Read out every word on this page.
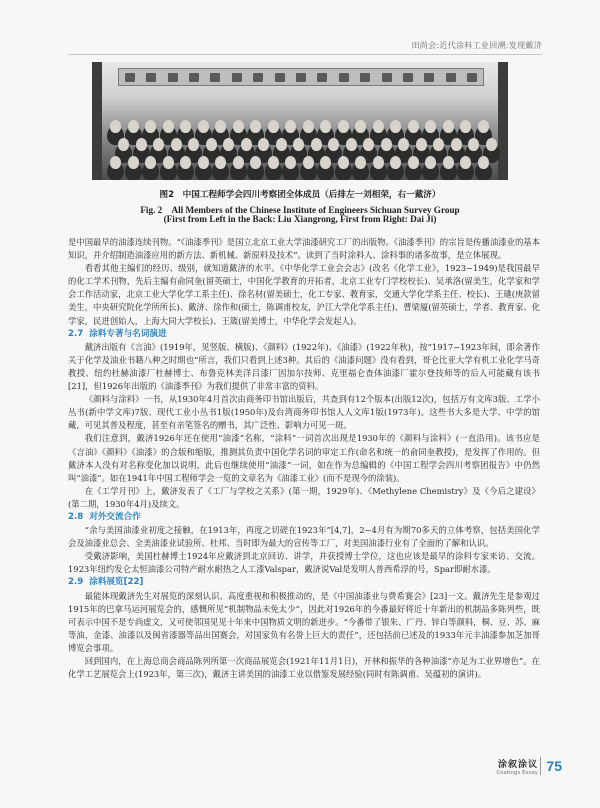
田尚会:近代涂料工业回溯:发现戴济
图2　中国工程师学会四川考察团全体成员（后排左一刘相荣，右一戴济）
Fig. 2　All Members of the Chinese Institute of Engineers Sichuan Survey Group
(First from Left in the Back: Liu Xiangrong, First from Right: Dai Ji)

是中国最早的油漆连续刊物。“《油漆季刊》是国立北京工业大学油漆研究工厂的出版物。《油漆季刊》的宗旨是传播油漆业的基本知识，并介绍制造油漆应用的新方法、新机械、新原料及技术”。读到了当时涂料人、涂料事的诸多故事，是立体展现。

看看其他主编们的经历、级别，就知道戴济的水平。《中华化学工业会会志》(改名《化学工业》，1923~1949)是我国最早的化工学术刊物，先后主编有俞同奎(留英硕士，中国化学教育的开拓者，北京工业专门学校校长)、吴承洛(留美生，化学家和学会工作活动家，北京工业大学化学工系主任)、徐名材(留美硕士，化工专家、教育家，交通大学化学系主任、校长)、王璡(庚款留美生，中央研究院化学所所长)、戴济、徐作和(硕士，陈调甫校友，沪江大学化学系主任)、曹梁厦(留英硕士，学者、教育家、化学家，民进创始人，上海大同大学校长)、王箴(留美博士，中华化学会发起人)。

2.7 涂料专著与名词演进

戴济出版有《言油》(1919年，见竖版、横版)、《颜料》(1922年)、《油漆》(1922年秋)，按“1917~1923年间，即余著作关于化学及油业书籍八种之时期也”所言，我们只看到上述3种。其后的《油漆问题》没有看到，哥仑比亚大学有机工业化学马奇教授、纽约杜赫油漆厂杜赫博士、布鲁克林美洋吕漆厂因加尔技师、克里福仑查体油漆厂霍尔登技师等的后人可能藏有该书[21]，但1926年出版的《油漆季刊》为我们提供了非常丰富的资料。

《颜料与涂料》一书，从1930年4月首次由商务印书馆出版后，共查到有12个版本(出版12次)，包括万有文库3版、工学小丛书(新中学文库)7版、现代工业小丛书1版(1950年)及台湾商务印书馆人人文库1版(1973年)。这些书大多是大学、中学的馆藏，可见其普及程度，甚至有亲笔签名的赠书，其广泛性、影响力可见一斑。

我们注意到，戴济1926年还在使用“油漆”名称，“涂料”一词首次出现是1930年的《颜料与涂料》(一直沿用)。该书应是《言油》《颜料》《油漆》的合版和缩版，推测其负责中国化学名词的审定工作(命名和统一的俞同奎教授)，是发挥了作用的。但戴济本人没有对名称变化加以说明，此后也继续使用“油漆”一词，如在作为总编辑的《中国工程学会四川考察团报告》中仍然叫“油漆”。如在1941年中国工程师学会一览的文章名为《油漆工业》(而不是现今的涂装)。

在《工学月刊》上，戴济发表了《工厂与学校之关系》(第一期，1929年)、《Methylene Chemistry》及《今后之建设》(第二期，1930年4月)及续文。

2.8 对外交流合作

“余与美国油漆业初度之接触，在1913年，再度之切磋在1923年”[4,7]，2~4月有为期70多天的立体考察，包括美国化学会及油漆业总会、全美油漆业试验所、杜邦、当时即为最大的宣传等工厂，对美国油漆行业有了全面的了解和认识。

受戴济影响，美国杜赫博士1924年应戴济到北京回访、讲学，并获授博士学位，这也应该是最早的涂料专家来访、交流。1923年纽约发仑太恒油漆公司特产耐水耐热之人工漆Valspar，戴济说Val是发明人普西希浮的号，Spar即耐水漆。

2.9 涂料展览[22]

最能体现戴济先生对展览的深刻认识、高度重视和积极推动的，是《中国油漆业与费希赛会》[23]一文。戴济先生是参观过1915年的巴拿马运河展览会的，感慨所见“机制物品未免太少”，因此对1926年的今番最好将近十年新出的机制品多陈列些，既可表示中国不是专尚虚文，又可使邻国见见十年来中国物质文明的新进步。“今番带了银朱、广丹、锌白等颜料，桐、豆、苏、麻等油，金漆、油漆以及闽省漆器等品出国赛会，对国家负有名誉上巨大的责任”，还包括前已述及的1933年元丰油漆参加芝加哥博览会事项。

回到国内，在上海总商会商品陈列所第一次商品展览会(1921年11月1日)，开林和振华的各种油漆“亦足为工业界增色”。在化学工艺展览会上(1923年，第三次)，戴济主讲美国的油漆工业以借鉴发展经验(同时有陈调甫、吴蕴初的演讲)。

涂叙涂议
Coatings Essay 75
